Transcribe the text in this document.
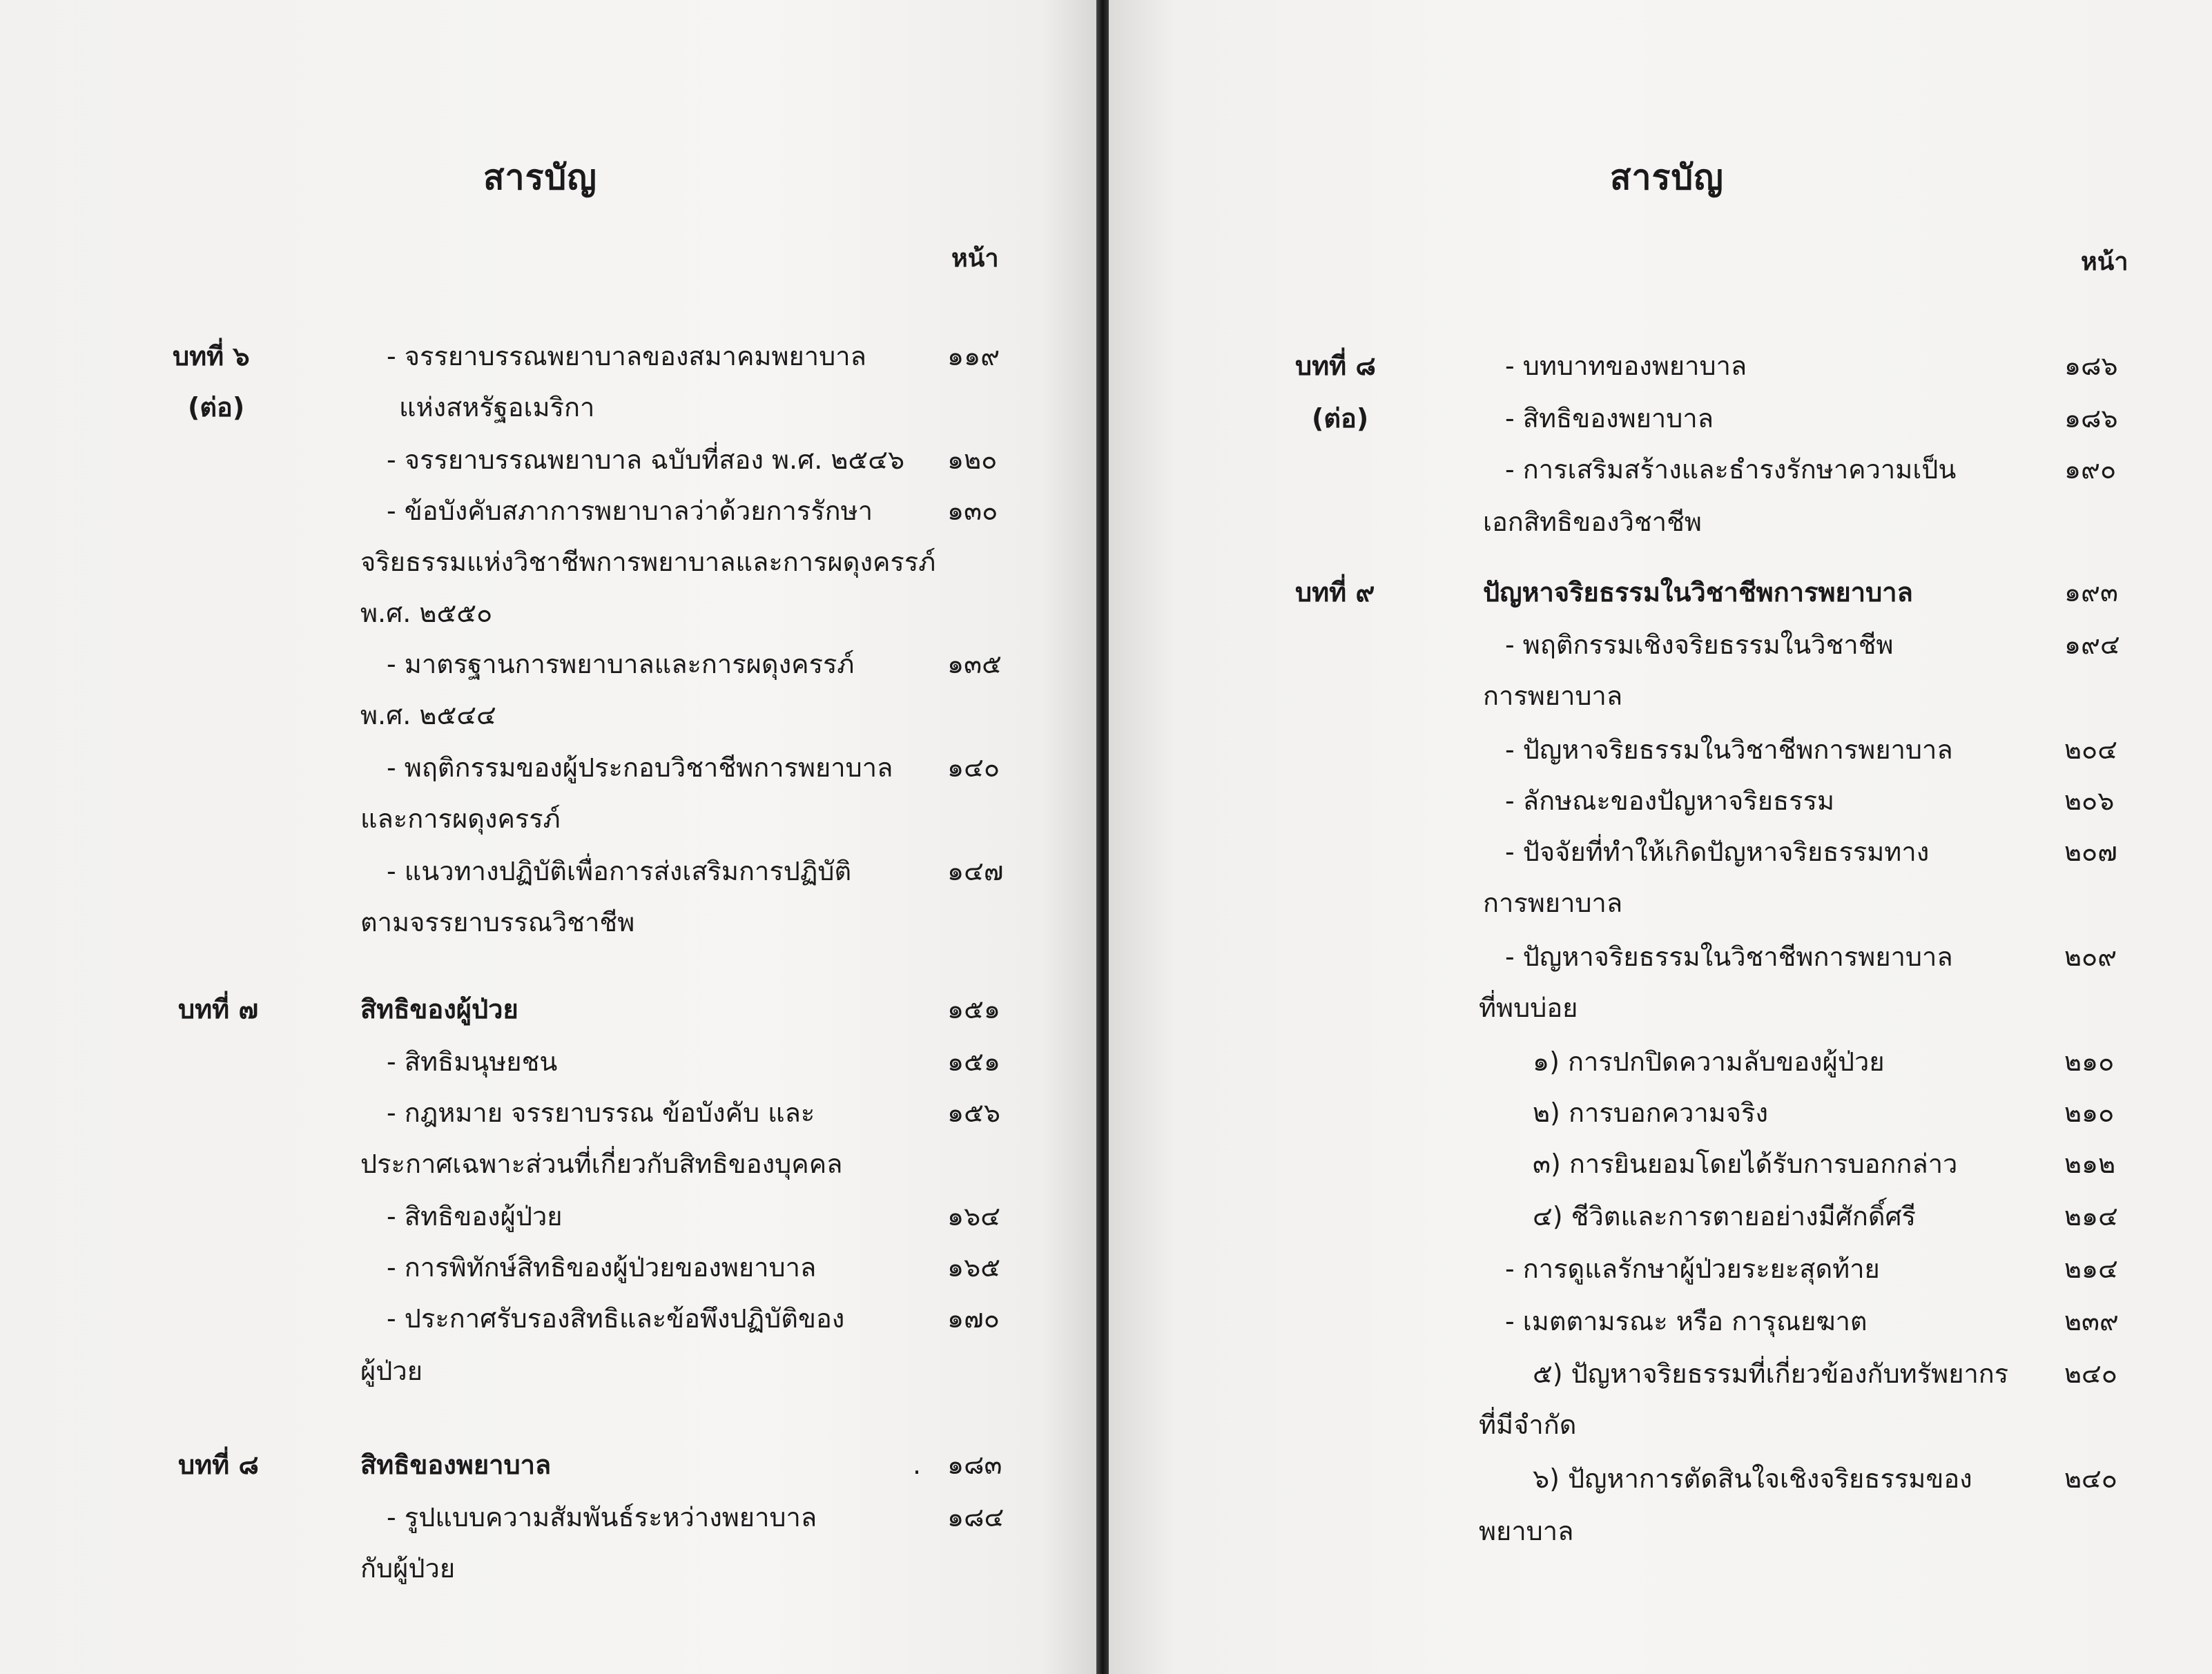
สารบัญ
หน้า
บทที่ ๖	- จรรยาบรรณพยาบาลของสมาคมพยาบาล	๑๑๙
(ต่อ)	แห่งสหรัฐอเมริกา
- จรรยาบรรณพยาบาล ฉบับที่สอง พ.ศ. ๒๕๔๖ ๑๒๐
- ข้อบังคับสภาการพยาบาลว่าด้วยการรักษา	๑๓๐
จริยธรรมแห่งวิชาชีพการพยาบาลและการผดุงครรภ์
พ.ศ. ๒๕๕๐
- มาตรฐานการพยาบาลและการผดุงครรภ์	๑๓๕
พ.ศ. ๒๕๔๔
- พฤติกรรมของผู้ประกอบวิชาชีพการพยาบาล ๑๔๐
และการผดุงครรภ์
- แนวทางปฏิบัติเพื่อการส่งเสริมการปฏิบัติ	๑๔๗
ตามจรรยาบรรณวิชาชีพ
บทที่ ๗	สิทธิของผู้ป่วย	๑๕๑
- สิทธิมนุษยชน	๑๕๑
- กฎหมาย จรรยาบรรณ ข้อบังคับ และ	๑๕๖
ประกาศเฉพาะส่วนที่เกี่ยวกับสิทธิของบุคคล
- สิทธิของผู้ป่วย	๑๖๔
- การพิทักษ์สิทธิของผู้ป่วยของพยาบาล	๑๖๕
- ประกาศรับรองสิทธิและข้อพึงปฏิบัติของ	๑๗๐
ผู้ป่วย
บทที่ ๘	สิทธิของพยาบาล	. ๑๘๓
- รูปแบบความสัมพันธ์ระหว่างพยาบาล	๑๘๔
กับผู้ป่วย
สารบัญ
หน้า
บทที่ ๘	- บทบาทของพยาบาล	๑๘๖
(ต่อ)	- สิทธิของพยาบาล	๑๘๖
- การเสริมสร้างและธำรงรักษาความเป็น	๑๙๐
เอกสิทธิของวิชาชีพ
บทที่ ๙	ปัญหาจริยธรรมในวิชาชีพการพยาบาล	๑๙๓
- พฤติกรรมเชิงจริยธรรมในวิชาชีพ	๑๙๔
การพยาบาล
- ปัญหาจริยธรรมในวิชาชีพการพยาบาล	๒๐๔
- ลักษณะของปัญหาจริยธรรม	๒๐๖
- ปัจจัยที่ทำให้เกิดปัญหาจริยธรรมทาง	๒๐๗
การพยาบาล
- ปัญหาจริยธรรมในวิชาชีพการพยาบาล	๒๐๙
ที่พบบ่อย
๑) การปกปิดความลับของผู้ป่วย	๒๑๐
๒) การบอกความจริง	๒๑๐
๓) การยินยอมโดยได้รับการบอกกล่าว	๒๑๒
๔) ชีวิตและการตายอย่างมีศักดิ์ศรี	๒๑๔
- การดูแลรักษาผู้ป่วยระยะสุดท้าย	๒๑๔
- เมตตามรณะ หรือ การุณยฆาต	๒๓๙
๕) ปัญหาจริยธรรมที่เกี่ยวข้องกับทรัพยากร ๒๔๐
ที่มีจำกัด
๖) ปัญหาการตัดสินใจเชิงจริยธรรมของ	๒๔๐
พยาบาล
